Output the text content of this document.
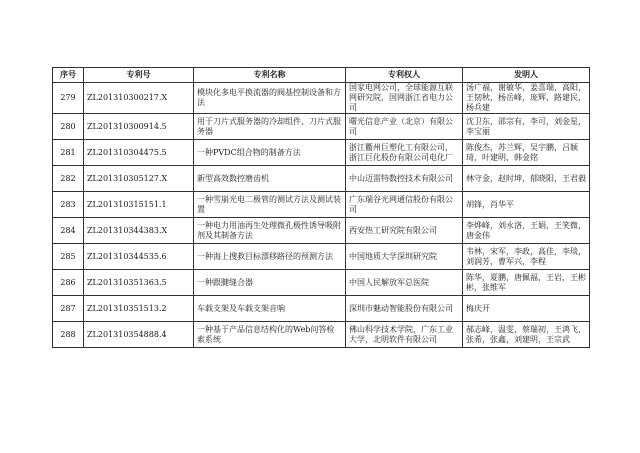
序号	专利号	专利名称	专利权人	发明人
279	ZL201310300217.X	模块化多电平换流器的阀基控制设备和方法	国家电网公司，全球能源互联网研究院，国网浙江省电力公司	汤广福，谢敏华，姜喜瑞，高阳，王韧秋，杨岳峰，庞辉，路建民，杨兵建
280	ZL201310300914.5	用于刀片式服务器的冷却组件、刀片式服务器	曙光信息产业（北京）有限公司	沈卫东，邵宗有，李可，刘金星，李宝丽
281	ZL201310304475.5	一种PVDC组合物的制备方法	浙江衢州巨塑化工有限公司，浙江巨化股份有限公司电化厂	陈俊杰，苏兰辉，吴宇鹏，吕颖琦，叶建明，韩金铭
282	ZL201310305127.X	新型高效数控磨齿机	中山迈雷特数控技术有限公司	林守金，赵时坤，郁晓阳，王君毅
283	ZL201310315151.1	一种雪崩光电二极管的测试方法及测试装置	广东瑞谷光网通信股份有限公司	胡锋，肖华平
284	ZL201310344383.X	一种电力用油再生处理微孔极性诱导吸附剂及其制备方法	西安热工研究院有限公司	李烨峰，刘永洛，王娟，王笑微，唐金伟
285	ZL201310344535.6	一种海上搜救目标漂移路径的预测方法	中国地质大学深圳研究院	韦林，宋军，李政，高佳，李琰，刘润芳，曹军兴，李程
286	ZL201310351363.5	一种跟腱缝合器	中国人民解放军总医院	陈华，夏鹏，唐佩福，王岩，王彬彬，张维军
287	ZL201310351513.2	车载支架及车载支架音响	深圳市魅动智能股份有限公司	梅庆开
288	ZL201310354888.4	一种基于产品信息结构化的Web问答检索系统	佛山科学技术学院，广东工业大学，北明软件有限公司	郝志峰，温雯，蔡瑞初，王鸿飞，张希，张鑫，刘建明，王宗武
